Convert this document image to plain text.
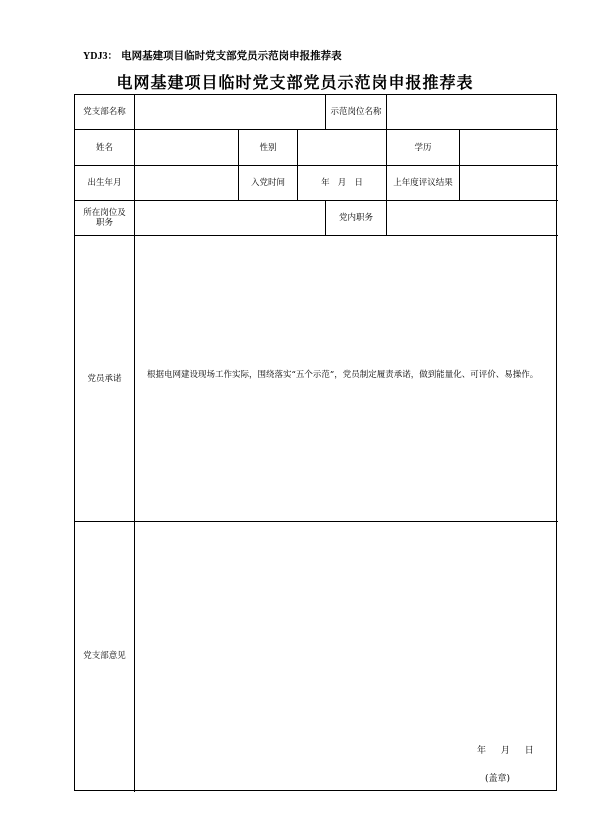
YDJ3： 电网基建项目临时党支部党员示范岗申报推荐表
电网基建项目临时党支部党员示范岗申报推荐表
党支部名称	示范岗位名称
姓名	性别	学历
出生年月	入党时间	年   月   日	上年度评议结果
所在岗位及
职务	党内职务
党员承诺	根据电网建设现场工作实际，围绕落实“五个示范”，党员制定履责承诺，做到能量化、可评价、易操作。
党支部意见
年 月 日
(盖章)
